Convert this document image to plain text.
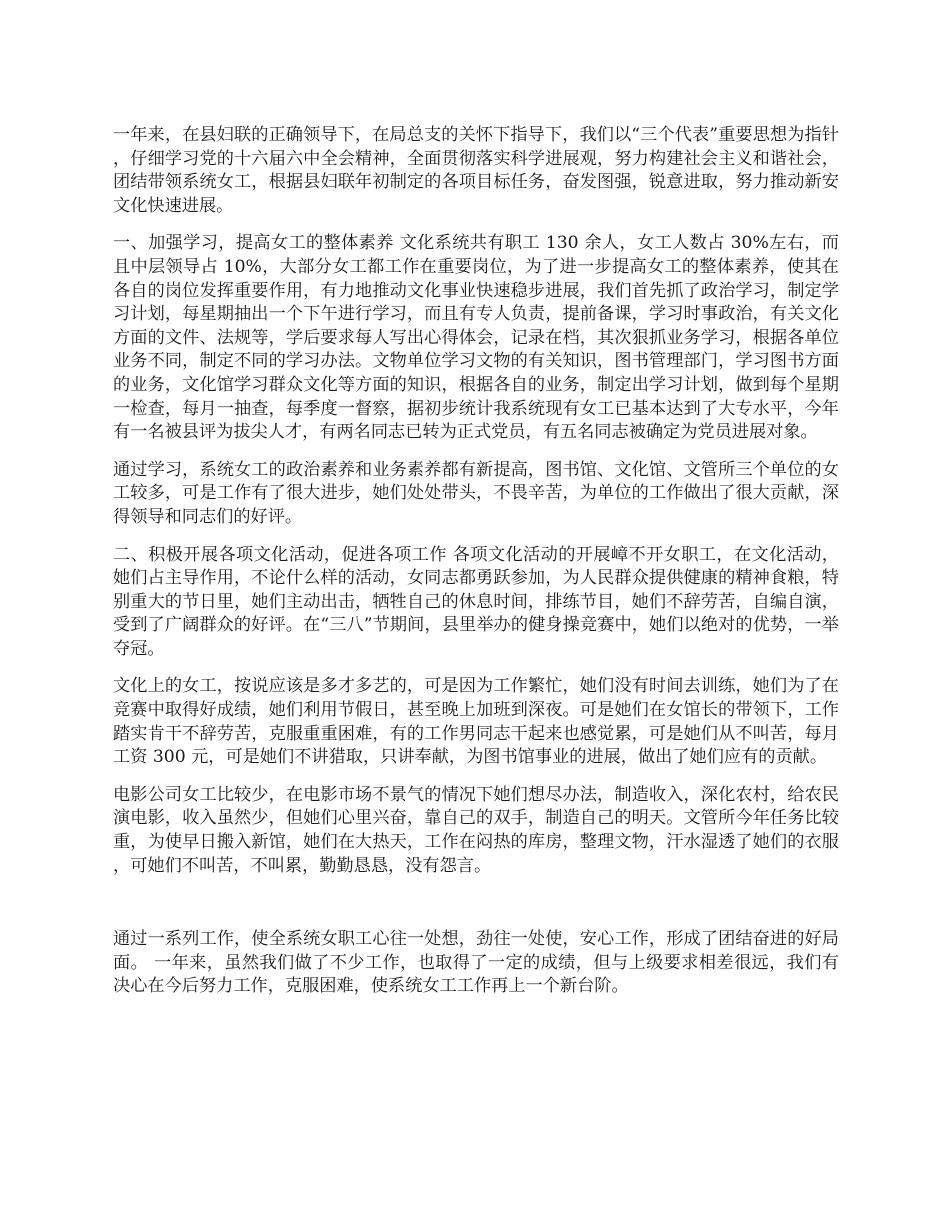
一年来，在县妇联的正确领导下，在局总支的关怀下指导下，我们以“三个代表”重要思想为指针，仔细学习党的十六届六中全会精神，全面贯彻落实科学进展观，努力构建社会主义和谐社会，团结带领系统女工，根据县妇联年初制定的各项目标任务，奋发图强，锐意进取，努力推动新安文化快速进展。

一、加强学习，提高女工的整体素养 文化系统共有职工 130 余人，女工人数占 30%左右，而且中层领导占 10%，大部分女工都工作在重要岗位，为了进一步提高女工的整体素养，使其在各自的岗位发挥重要作用，有力地推动文化事业快速稳步进展，我们首先抓了政治学习，制定学习计划，每星期抽出一个下午进行学习，而且有专人负责，提前备课，学习时事政治，有关文化方面的文件、法规等，学后要求每人写出心得体会，记录在档，其次狠抓业务学习，根据各单位业务不同，制定不同的学习办法。文物单位学习文物的有关知识，图书管理部门，学习图书方面的业务，文化馆学习群众文化等方面的知识，根据各自的业务，制定出学习计划，做到每个星期一检查，每月一抽查，每季度一督察，据初步统计我系统现有女工已基本达到了大专水平，今年有一名被县评为拔尖人才，有两名同志已转为正式党员，有五名同志被确定为党员进展对象。

通过学习，系统女工的政治素养和业务素养都有新提高，图书馆、文化馆、文管所三个单位的女工较多，可是工作有了很大进步，她们处处带头，不畏辛苦，为单位的工作做出了很大贡献，深得领导和同志们的好评。

二、积极开展各项文化活动，促进各项工作 各项文化活动的开展嶂不开女职工，在文化活动，她们占主导作用，不论什么样的活动，女同志都勇跃参加，为人民群众提供健康的精神食粮，特别重大的节日里，她们主动出击，牺牲自己的休息时间，排练节目，她们不辞劳苦，自编自演，受到了广阔群众的好评。在“三八”节期间，县里举办的健身操竞赛中，她们以绝对的优势，一举夺冠。

文化上的女工，按说应该是多才多艺的，可是因为工作繁忙，她们没有时间去训练，她们为了在竞赛中取得好成绩，她们利用节假日，甚至晚上加班到深夜。可是她们在女馆长的带领下，工作踏实肯干不辞劳苦，克服重重困难，有的工作男同志干起来也感觉累，可是她们从不叫苦，每月工资 300 元，可是她们不讲猎取，只讲奉献，为图书馆事业的进展，做出了她们应有的贡献。

电影公司女工比较少，在电影市场不景气的情况下她们想尽办法，制造收入，深化农村，给农民演电影，收入虽然少，但她们心里兴奋，靠自己的双手，制造自己的明天。文管所今年任务比较重，为使早日搬入新馆，她们在大热天，工作在闷热的库房，整理文物，汗水湿透了她们的衣服，可她们不叫苦，不叫累，勤勤恳恳，没有怨言。

通过一系列工作，使全系统女职工心往一处想，劲往一处使，安心工作，形成了团结奋进的好局面。 一年来，虽然我们做了不少工作，也取得了一定的成绩，但与上级要求相差很远，我们有决心在今后努力工作，克服困难，使系统女工工作再上一个新台阶。
